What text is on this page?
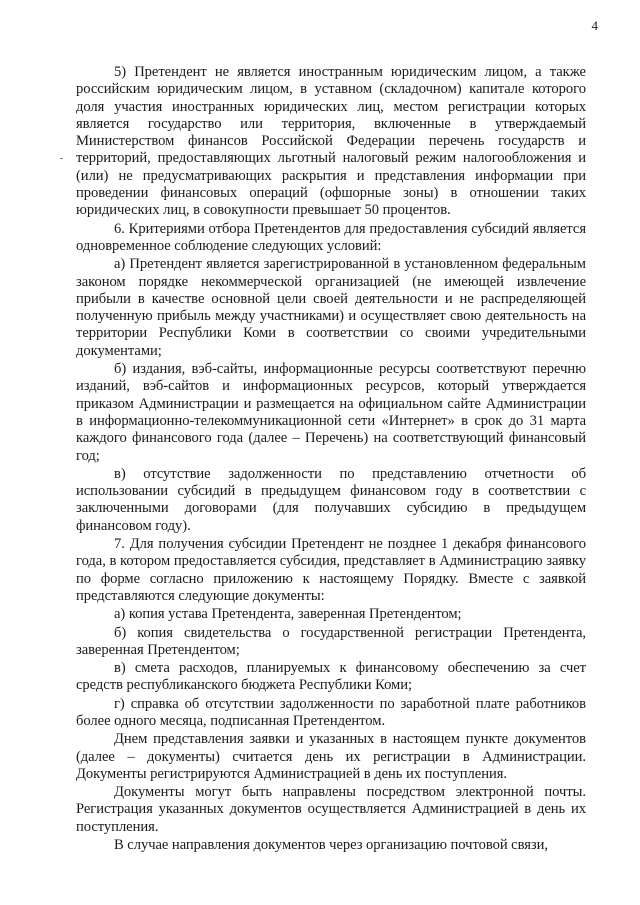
4

5) Претендент не является иностранным юридическим лицом, а также российским юридическим лицом, в уставном (складочном) капитале которого доля участия иностранных юридических лиц, местом регистрации которых является государство или территория, включенные в утверждаемый Министерством финансов Российской Федерации перечень государств и территорий, предоставляющих льготный налоговый режим налогообложения и (или) не предусматривающих раскрытия и представления информации при проведении финансовых операций (офшорные зоны) в отношении таких юридических лиц, в совокупности превышает 50 процентов.

6. Критериями отбора Претендентов для предоставления субсидий является одновременное соблюдение следующих условий:

а) Претендент является зарегистрированной в установленном федеральным законом порядке некоммерческой организацией (не имеющей извлечение прибыли в качестве основной цели своей деятельности и не распределяющей полученную прибыль между участниками) и осуществляет свою деятельность на территории Республики Коми в соответствии со своими учредительными документами;

б) издания, вэб-сайты, информационные ресурсы соответствуют перечню изданий, вэб-сайтов и информационных ресурсов, который утверждается приказом Администрации и размещается на официальном сайте Администрации в информационно-телекоммуникационной сети «Интернет» в срок до 31 марта каждого финансового года (далее – Перечень) на соответствующий финансовый год;

в) отсутствие задолженности по представлению отчетности об использовании субсидий в предыдущем финансовом году в соответствии с заключенными договорами (для получавших субсидию в предыдущем финансовом году).

7. Для получения субсидии Претендент не позднее 1 декабря финансового года, в котором предоставляется субсидия, представляет в Администрацию заявку по форме согласно приложению к настоящему Порядку. Вместе с заявкой представляются следующие документы:

а) копия устава Претендента, заверенная Претендентом;

б) копия свидетельства о государственной регистрации Претендента, заверенная Претендентом;

в) смета расходов, планируемых к финансовому обеспечению за счет средств республиканского бюджета Республики Коми;

г) справка об отсутствии задолженности по заработной плате работников более одного месяца, подписанная Претендентом.

Днем представления заявки и указанных в настоящем пункте документов (далее – документы) считается день их регистрации в Администрации. Документы регистрируются Администрацией в день их поступления.

Документы могут быть направлены посредством электронной почты. Регистрация указанных документов осуществляется Администрацией в день их поступления.

В случае направления документов через организацию почтовой связи,
